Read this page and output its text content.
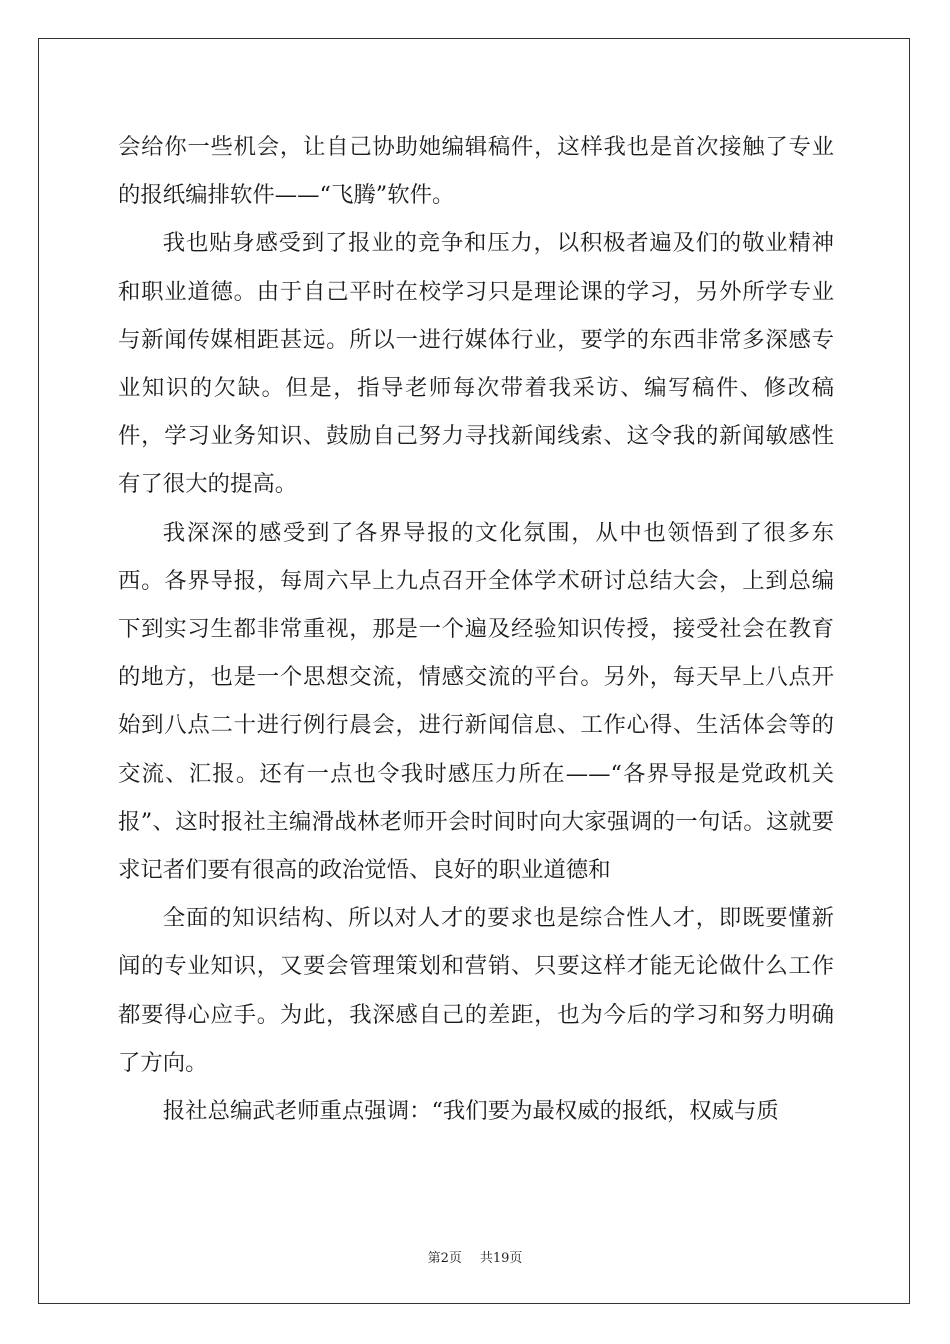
会给你一些机会，让自己协助她编辑稿件，这样我也是首次接触了专业的报纸编排软件——“飞腾”软件。

我也贴身感受到了报业的竞争和压力，以积极者遍及们的敬业精神和职业道德。由于自己平时在校学习只是理论课的学习，另外所学专业与新闻传媒相距甚远。所以一进行媒体行业，要学的东西非常多深感专业知识的欠缺。但是，指导老师每次带着我采访、编写稿件、修改稿件，学习业务知识、鼓励自己努力寻找新闻线索、这令我的新闻敏感性有了很大的提高。

我深深的感受到了各界导报的文化氛围，从中也领悟到了很多东西。各界导报，每周六早上九点召开全体学术研讨总结大会，上到总编下到实习生都非常重视，那是一个遍及经验知识传授，接受社会在教育的地方，也是一个思想交流，情感交流的平台。另外，每天早上八点开始到八点二十进行例行晨会，进行新闻信息、工作心得、生活体会等的交流、汇报。还有一点也令我时感压力所在——“各界导报是党政机关报”、这时报社主编滑战林老师开会时间时向大家强调的一句话。这就要求记者们要有很高的政治觉悟、良好的职业道德和

全面的知识结构、所以对人才的要求也是综合性人才，即既要懂新闻的专业知识，又要会管理策划和营销、只要这样才能无论做什么工作都要得心应手。为此，我深感自己的差距，也为今后的学习和努力明确了方向。

报社总编武老师重点强调：“我们要为最权威的报纸，权威与质

第2页 共19页
